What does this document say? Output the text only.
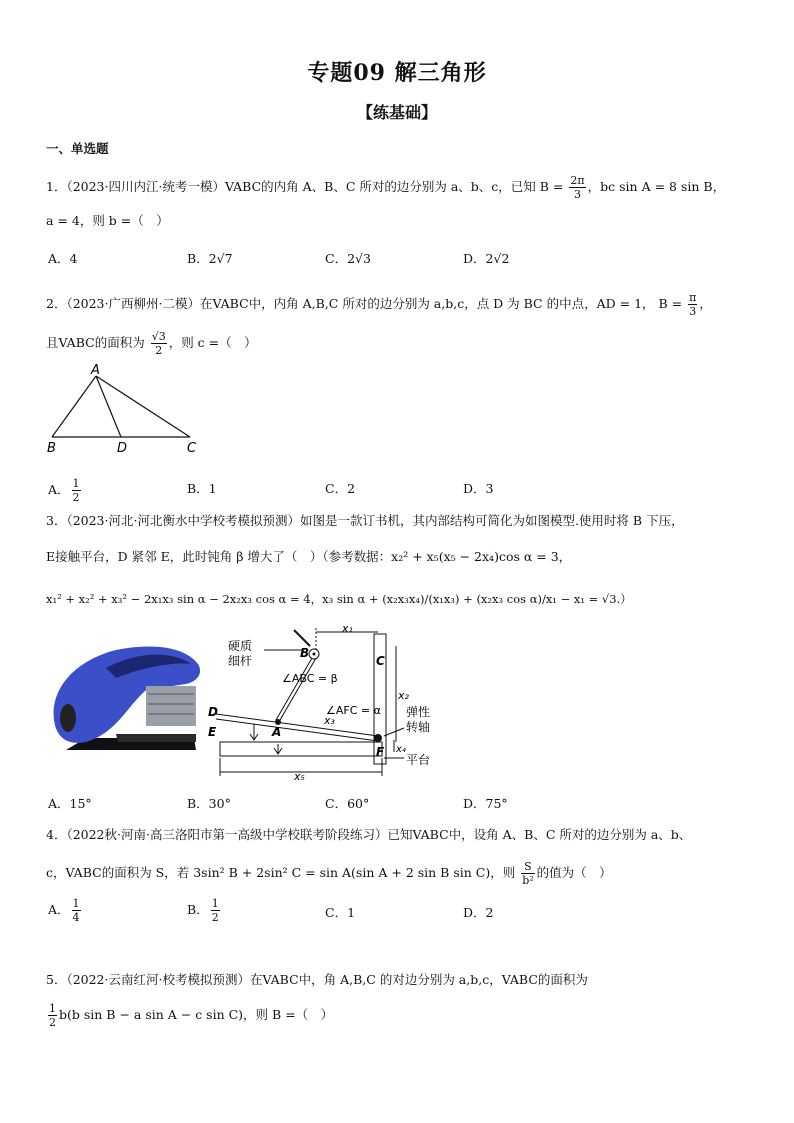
专题09 解三角形
【练基础】
一、单选题
1．（2023·四川内江·统考一模）VABC的内角 A、B、C 所对的边分别为 a、b、c，已知 $B = \frac{2\pi}{3}$ ，bc sin A = 8 sin B，
a = 4，则 b =（　）
A．4	B．2√7	C．2√3	D．2√2
2．（2023·广西柳州·二模）在VABC中，内角 A,B,C 所对的边分别为 a,b,c，点 D 为 BC 的中点，AD = 1， $B = \frac{\pi}{3}$ ，
且VABC的面积为 $\frac{√3}{2}$ ，则 c =（　）
A
B	D	C
A． $\frac{1}{2}$	B．1	C．2	D．3
3．（2023·河北·河北衡水中学校考模拟预测）如图是一款订书机，其内部结构可简化为如图模型.使用时将 B 下压，
E接触平台，D 紧邻 E，此时钝角 β 增大了（　）（参考数据：x₂² + x₅(x₅ − 2x₄)cos α = 3，
x₁² + x₂² + x₃² − 2x₁x₃ sin α − 2x₂x₃ cos α = 4，x₃ sin α + (x₂x₃x₄)/(x₁x₃) + (x₂x₃ cos α)/x₁ − x₁ = √3.）
硬质
细杆
B
x₁
C
x₂
∠ABC = β
D
A
∠AFC = α
x₃
F
弹性
转轴
x₄
E
平台
x₅
A．15°	B．30°	C．60°	D．75°
4．（2022秋·河南·高三洛阳市第一高级中学校联考阶段练习）已知VABC中，设角 A、B、C 所对的边分别为 a、b、
c，VABC的面积为 S，若 3sin² B + 2sin² C = sin A(sin A + 2 sin B sin C)，则 $\frac{S}{\text{b²}}$ 的值为（　）
A． $\frac{1}{4}$	B． $\frac{1}{2}$	C．1	D．2
5．（2022·云南红河·校考模拟预测）在VABC中，角 A,B,C 的对边分别为 a,b,c，VABC的面积为
$\frac{1}{2} b(b$ sin B − a sin A − c sin C)，则 B =（　）
